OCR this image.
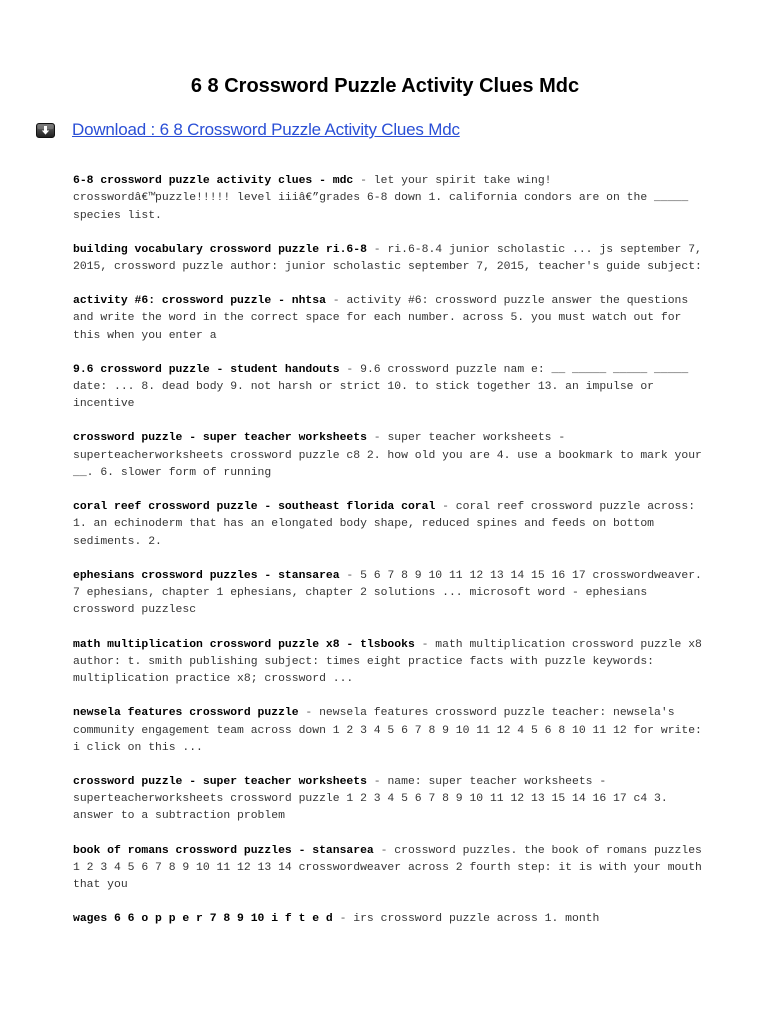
6 8 Crossword Puzzle Activity Clues Mdc
Download : 6 8 Crossword Puzzle Activity Clues Mdc
6-8 crossword puzzle activity clues - mdc - let your spirit take wing! crosswordâ€™puzzle!!!!! level iiiâ€”grades 6-8 down 1. california condors are on the _____ species list.
building vocabulary crossword puzzle ri.6-8 - ri.6-8.4 junior scholastic ... js september 7, 2015, crossword puzzle author: junior scholastic september 7, 2015, teacher's guide subject:
activity #6: crossword puzzle - nhtsa - activity #6: crossword puzzle answer the questions and write the word in the correct space for each number. across 5. you must watch out for this when you enter a
9.6 crossword puzzle - student handouts - 9.6 crossword puzzle nam e: __ _____ _____ _____ date: ... 8. dead body 9. not harsh or strict 10. to stick together 13. an impulse or incentive
crossword puzzle - super teacher worksheets - super teacher worksheets - superteacherworksheets crossword puzzle c8 2. how old you are 4. use a bookmark to mark your __. 6. slower form of running
coral reef crossword puzzle - southeast florida coral - coral reef crossword puzzle across: 1. an echinoderm that has an elongated body shape, reduced spines and feeds on bottom sediments. 2.
ephesians crossword puzzles - stansarea - 5 6 7 8 9 10 11 12 13 14 15 16 17 crosswordweaver. 7 ephesians, chapter 1 ephesians, chapter 2 solutions ... microsoft word - ephesians crossword puzzlesc
math multiplication crossword puzzle x8 - tlsbooks - math multiplication crossword puzzle x8 author: t. smith publishing subject: times eight practice facts with puzzle keywords: multiplication practice x8; crossword ...
newsela features crossword puzzle - newsela features crossword puzzle teacher: newsela's community engagement team across down 1 2 3 4 5 6 7 8 9 10 11 12 4 5 6 8 10 11 12 for write: i click on this ...
crossword puzzle - super teacher worksheets - name: super teacher worksheets - superteacherworksheets crossword puzzle 1 2 3 4 5 6 7 8 9 10 11 12 13 15 14 16 17 c4 3. answer to a subtraction problem
book of romans crossword puzzles - stansarea - crossword puzzles. the book of romans puzzles 1 2 3 4 5 6 7 8 9 10 11 12 13 14 crosswordweaver across 2 fourth step: it is with your mouth that you
wages 6 6 o p p e r 7 8 9 10 i f t e d - irs crossword puzzle across 1. month
